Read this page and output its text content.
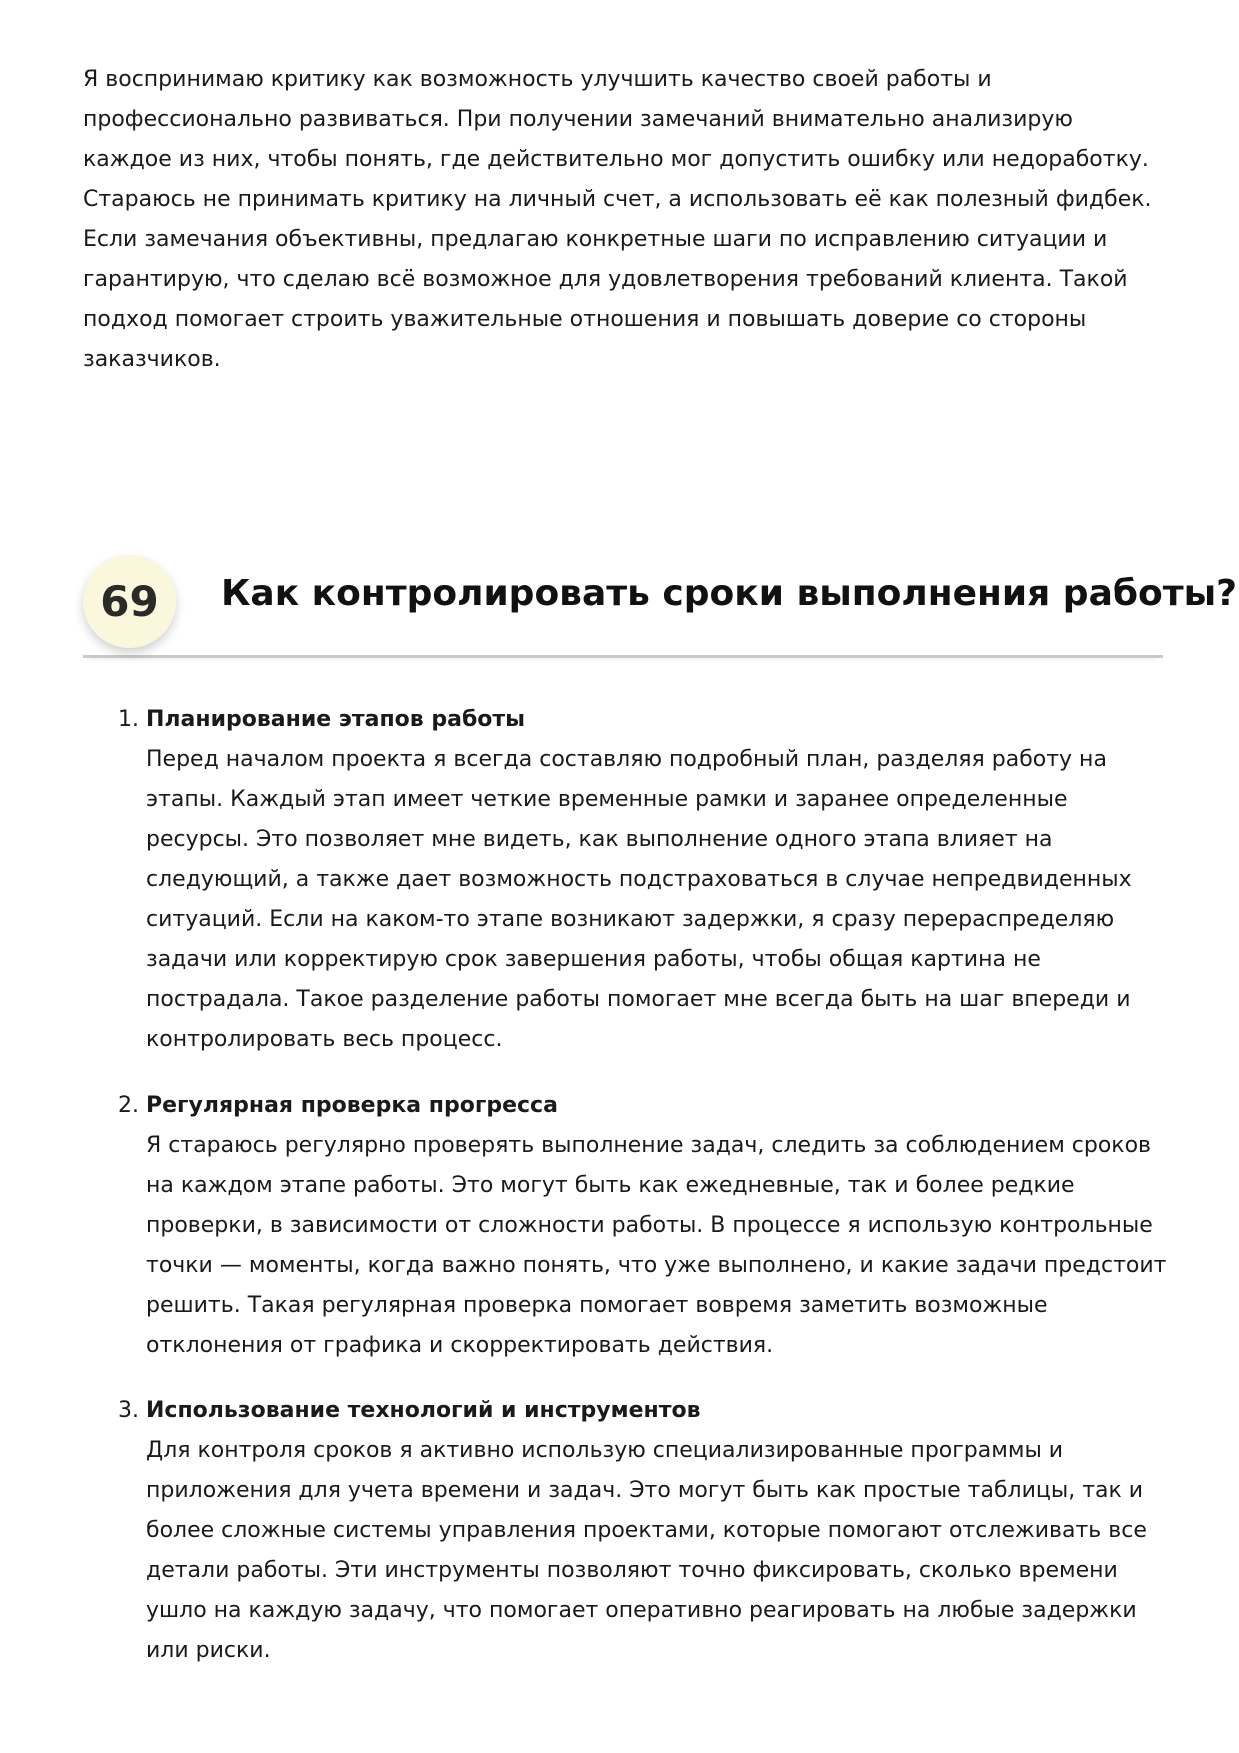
Я воспринимаю критику как возможность улучшить качество своей работы и профессионально развиваться. При получении замечаний внимательно анализирую каждое из них, чтобы понять, где действительно мог допустить ошибку или недоработку. Стараюсь не принимать критику на личный счет, а использовать её как полезный фидбек. Если замечания объективны, предлагаю конкретные шаги по исправлению ситуации и гарантирую, что сделаю всё возможное для удовлетворения требований клиента. Такой подход помогает строить уважительные отношения и повышать доверие со стороны заказчиков.

69	Как контролировать сроки выполнения работы?
1. Планирование этапов работы

Перед началом проекта я всегда составляю подробный план, разделяя работу на этапы. Каждый этап имеет четкие временные рамки и заранее определенные ресурсы. Это позволяет мне видеть, как выполнение одного этапа влияет на следующий, а также дает возможность подстраховаться в случае непредвиденных ситуаций. Если на каком-то этапе возникают задержки, я сразу перераспределяю задачи или корректирую срок завершения работы, чтобы общая картина не пострадала. Такое разделение работы помогает мне всегда быть на шаг впереди и контролировать весь процесс.

2. Регулярная проверка прогресса

Я стараюсь регулярно проверять выполнение задач, следить за соблюдением сроков на каждом этапе работы. Это могут быть как ежедневные, так и более редкие проверки, в зависимости от сложности работы. В процессе я использую контрольные точки — моменты, когда важно понять, что уже выполнено, и какие задачи предстоит решить. Такая регулярная проверка помогает вовремя заметить возможные отклонения от графика и скорректировать действия.

3. Использование технологий и инструментов

Для контроля сроков я активно использую специализированные программы и приложения для учета времени и задач. Это могут быть как простые таблицы, так и более сложные системы управления проектами, которые помогают отслеживать все детали работы. Эти инструменты позволяют точно фиксировать, сколько времени ушло на каждую задачу, что помогает оперативно реагировать на любые задержки или риски.
